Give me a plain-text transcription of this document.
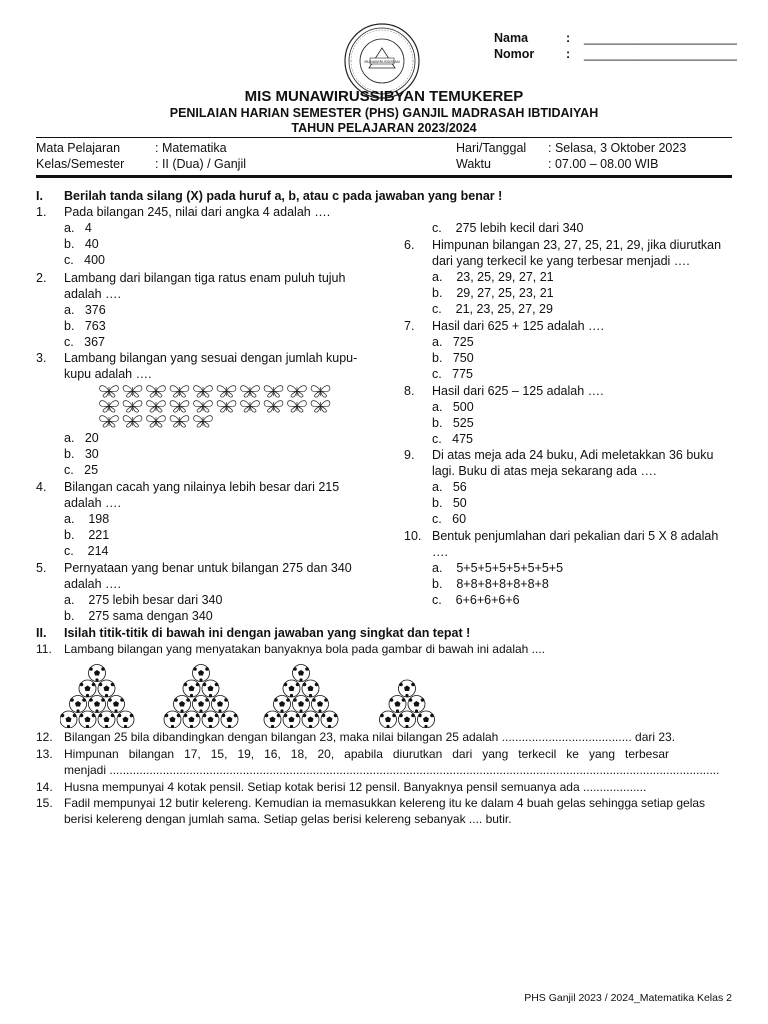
Nama	: ______________________
Nomor	: ______________________
MUNAWIRUSSIBYAN
MIS MUNAWIRUSSIBYAN TEMUKEREP
PENILAIAN HARIAN SEMESTER (PHS) GANJIL MADRASAH IBTIDAIYAH
TAHUN PELAJARAN 2023/2024
Mata Pelajaran	: Matematika
Kelas/Semester : II (Dua) / Ganjil
Hari/Tanggal : Selasa, 3 Oktober 2023
Waktu	: 07.00 – 08.00 WIB
I. Berilah tanda silang (X) pada huruf a, b, atau c pada jawaban yang benar !
1. Pada bilangan 245, nilai dari angka 4 adalah ….
a.   4
b.   40
c.   400
2. Lambang dari bilangan tiga ratus enam puluh tujuh
adalah ….
a.   376
b.   763
c.   367
3. Lambang bilangan yang sesuai dengan jumlah kupu-
kupu adalah ….
a.   20
b.   30
c.   25
4. Bilangan cacah yang nilainya lebih besar dari 215
adalah ….
a.    198
b.    221
c.    214
5. Pernyataan yang benar untuk bilangan 275 dan 340
adalah ….
a.    275 lebih besar dari 340
b.    275 sama dengan 340
c.    275 lebih kecil dari 340
6. Himpunan bilangan 23, 27, 25, 21, 29, jika diurutkan
dari yang terkecil ke yang terbesar menjadi ….
a.    23, 25, 29, 27, 21
b.    29, 27, 25, 23, 21
c.    21, 23, 25, 27, 29
7. Hasil dari 625 + 125 adalah ….
a.   725
b.   750
c.   775
8. Hasil dari 625 – 125 adalah ….
a.   500
b.   525
c.   475
9. Di atas meja ada 24 buku, Adi meletakkan 36 buku
lagi. Buku di atas meja sekarang ada ….
a.   56
b.   50
c.   60
10. Bentuk penjumlahan dari pekalian dari 5 X 8 adalah
….
a.    5+5+5+5+5+5+5+5
b.    8+8+8+8+8+8+8
c.    6+6+6+6+6
II. Isilah titik-titik di bawah ini dengan jawaban yang singkat dan tepat !
11. Lambang bilangan yang menyatakan banyaknya bola pada gambar di bawah ini adalah ....
12. Bilangan 25 bila dibandingkan dengan bilangan 23, maka nilai bilangan 25 adalah ....................................... dari 23.
13. Himpunan   bilangan   17,   15,   19,   16,   18,   20,   apabila   diurutkan   dari   yang   terkecil   ke   yang   terbesar
menjadi .......................................................................................................................................................................................
14. Husna mempunyai 4 kotak pensil. Setiap kotak berisi 12 pensil. Banyaknya pensil semuanya ada ...................
15. Fadil mempunyai 12 butir kelereng. Kemudian ia memasukkan kelereng itu ke dalam 4 buah gelas sehingga setiap gelas
berisi kelereng dengan jumlah sama. Setiap gelas berisi kelereng sebanyak .... butir.
PHS Ganjil 2023 / 2024_Matematika Kelas 2
